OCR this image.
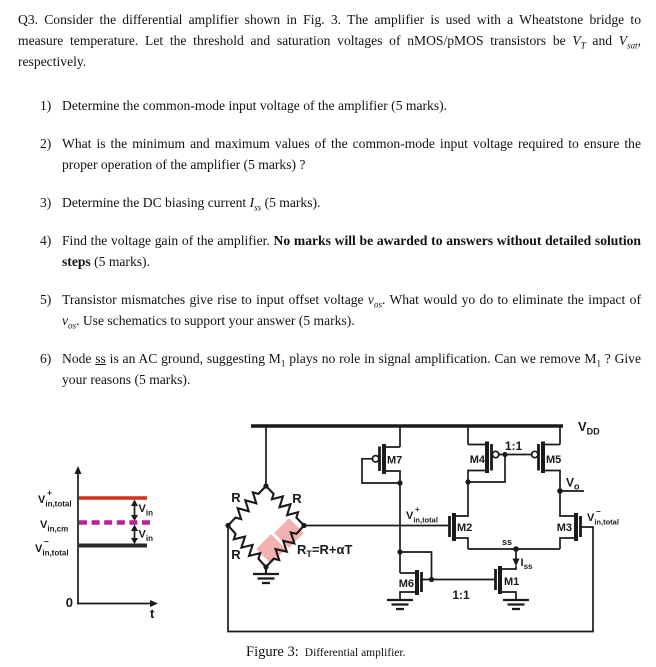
Q3. Consider the differential amplifier shown in Fig. 3. The amplifier is used with a Wheatstone bridge to measure temperature. Let the threshold and saturation voltages of nMOS/pMOS transistors be $V_T$ and $V_{sat}$, respectively.

1) Determine the common-mode input voltage of the amplifier (5 marks).
2) What is the minimum and maximum values of the common-mode input voltage required to ensure the proper operation of the amplifier (5 marks) ?
3) Determine the DC biasing current $I_{ss}$ (5 marks).
4) Find the voltage gain of the amplifier. No marks will be awarded to answers without detailed solution steps (5 marks).
5) Transistor mismatches give rise to input offset voltage $v_{os}$. What would yo do to eliminate the impact of $v_{os}$. Use schematics to support your answer (5 marks).
6) Node ss is an AC ground, suggesting $M_1$ plays no role in signal amplification. Can we remove $M_1$ ? Give your reasons (5 marks).
$V_{in,total}$
+
$V_{in,cm}$
$V_{in,total}$
−
$V_{in}$
$V_{in}$
0
t
$V_{DD}$
R	R
R	$R_T=R+\alpha T$
M7
M6	M1
1:1
ss
$I_{ss}$
M2
$V_{in,total}$
+
M3
$V_{in,total}$
−
M4
1:1
M5
$V_o$
Figure 3: Differential amplifier.
